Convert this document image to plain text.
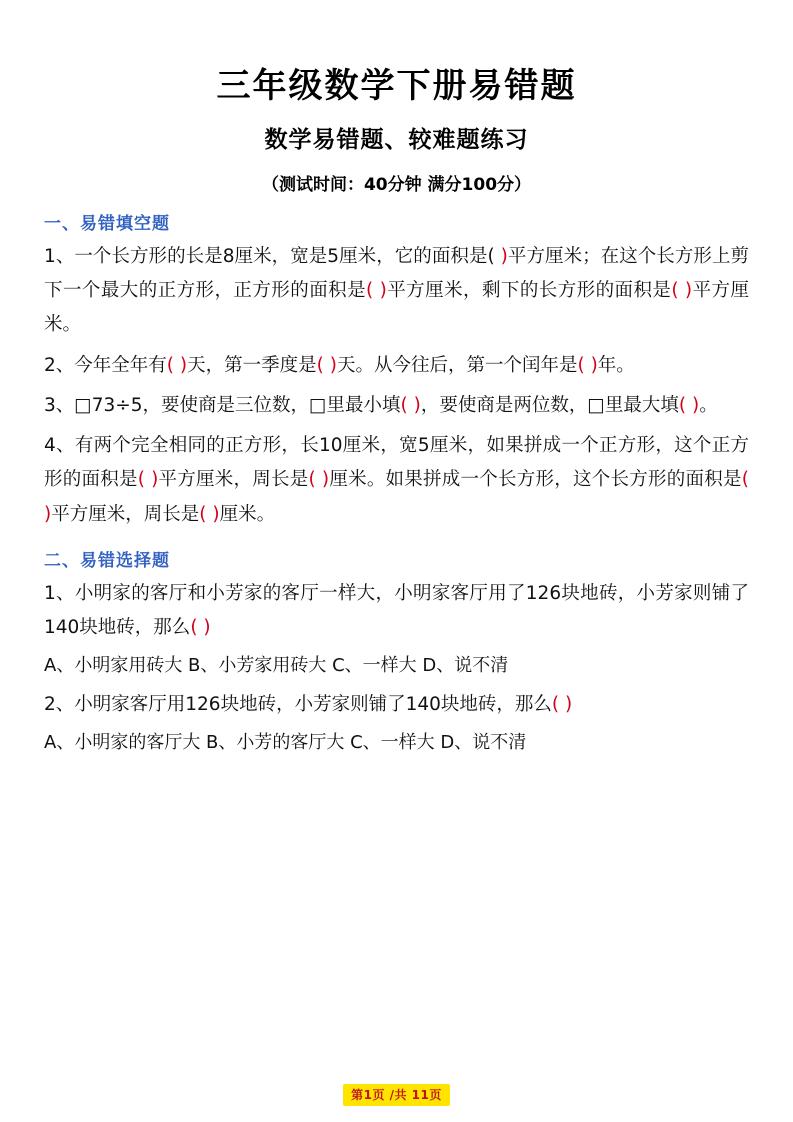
三年级数学下册易错题
数学易错题、较难题练习
（测试时间：40分钟 满分100分）
一、易错填空题
1、一个长方形的长是8厘米，宽是5厘米，它的面积是( )平方厘米；在这个长方形上剪下一个最大的正方形，正方形的面积是( )平方厘米，剩下的长方形的面积是( )平方厘米。
2、今年全年有( )天，第一季度是( )天。从今往后，第一个闰年是( )年。
3、□73÷5，要使商是三位数，□里最小填( )，要使商是两位数，□里最大填( )。
4、有两个完全相同的正方形，长10厘米，宽5厘米，如果拼成一个正方形，这个正方形的面积是( )平方厘米，周长是( )厘米。如果拼成一个长方形，这个长方形的面积是( )平方厘米，周长是( )厘米。
二、易错选择题
1、小明家的客厅和小芳家的客厅一样大，小明家客厅用了126块地砖，小芳家则铺了140块地砖，那么( )
A、小明家用砖大 B、小芳家用砖大 C、一样大 D、说不清
2、小明家客厅用126块地砖，小芳家则铺了140块地砖，那么( )
A、小明家的客厅大 B、小芳的客厅大 C、一样大 D、说不清
第1页 /共 11页
